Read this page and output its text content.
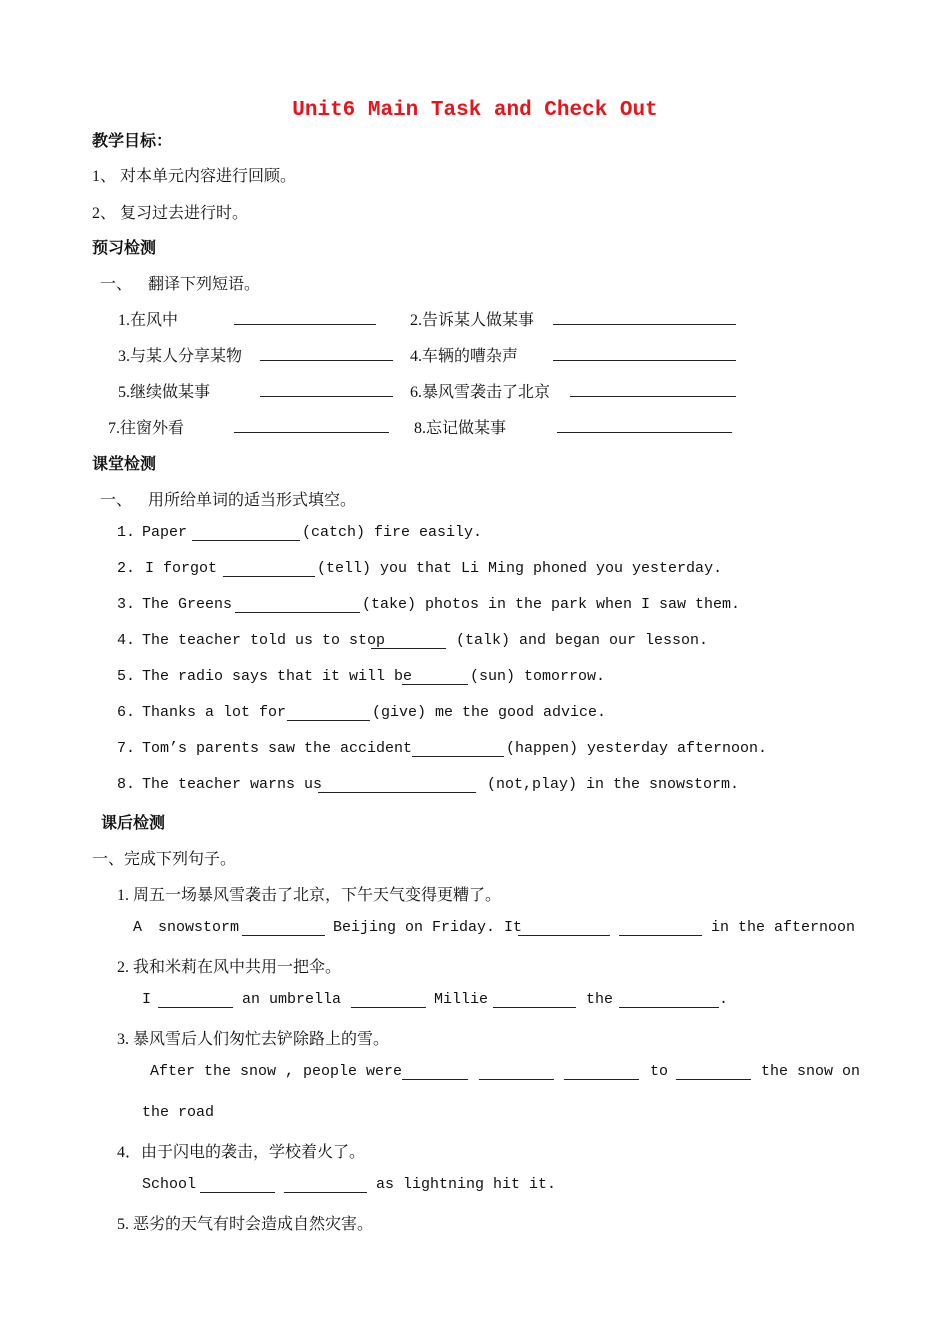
Unit6 Main Task and Check Out
教学目标：
1、 对本单元内容进行回顾。
2、 复习过去进行时。
预习检测
一、    翻译下列短语。
1.在风中	2.告诉某人做某事
3.与某人分享某物	4.车辆的嘈杂声
5.继续做某事	6.暴风雪袭击了北京
7.往窗外看	8.忘记做某事
课堂检测
一、    用所给单词的适当形式填空。
1. Paper	(catch) fire easily.
2. I forgot	(tell) you that Li Ming phoned you yesterday.
3. The Greens	(take) photos in the park when I saw them.
4. The teacher told us to stop	(talk) and began our lesson.
5. The radio says that it will be	(sun) tomorrow.
6. Thanks a lot for	(give) me the good advice.
7. Tom’s parents saw the accident	(happen) yesterday afternoon.
8. The teacher warns us	(not,play) in the snowstorm.
课后检测
一、完成下列句子。
1. 周五一场暴风雪袭击了北京，下午天气变得更糟了。
A snowstorm	Beijing on Friday. It	in the afternoon
2. 我和米莉在风中共用一把伞。
I	an umbrella	Millie	the	.
3. 暴风雪后人们匆忙去铲除路上的雪。
After the snow , people were	to	the snow on
the road
4．由于闪电的袭击，学校着火了。
School	as lightning hit it.
5. 恶劣的天气有时会造成自然灾害。
